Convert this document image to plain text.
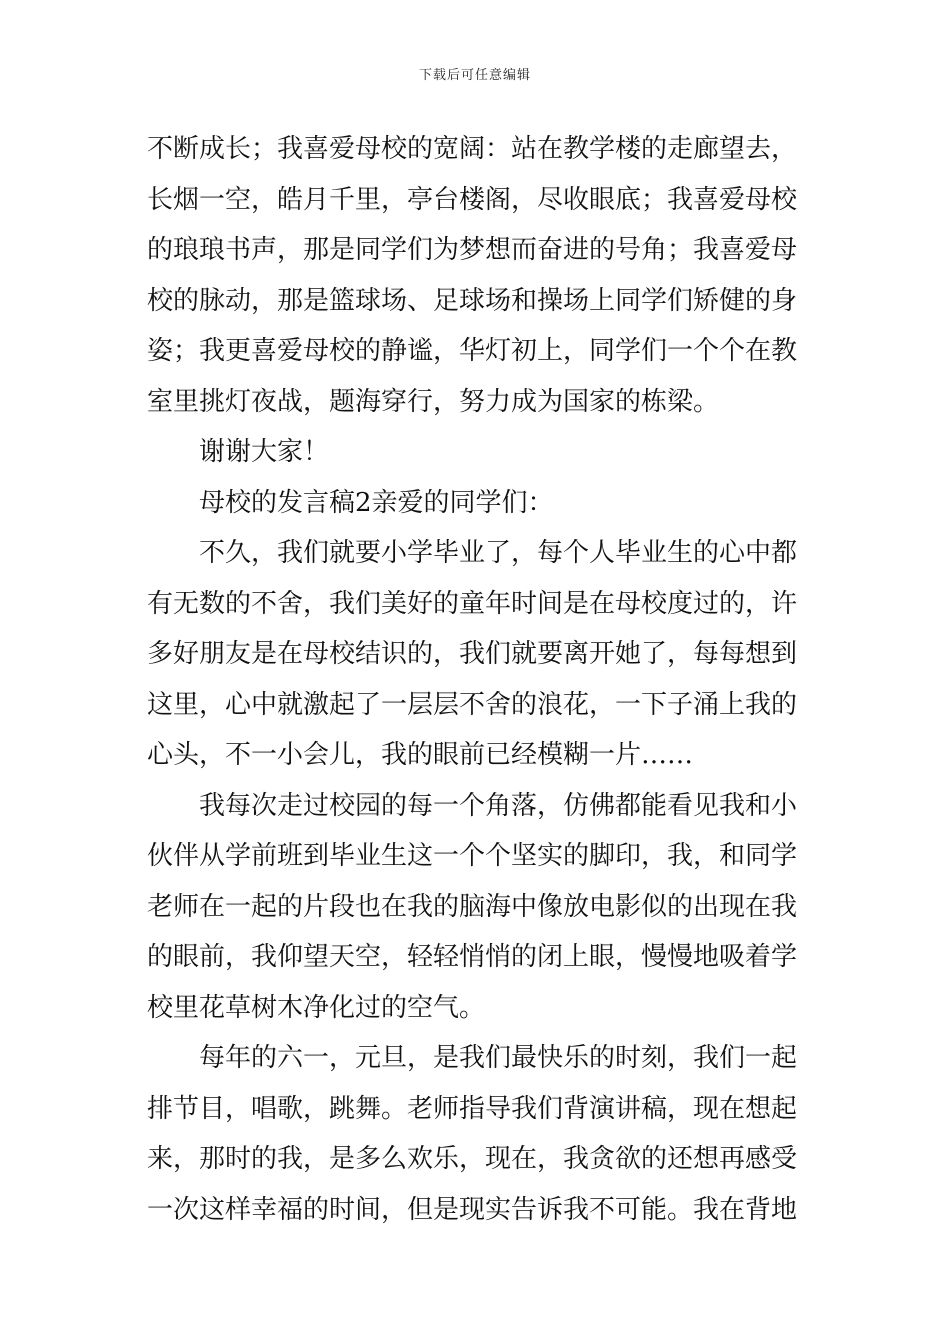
下载后可任意编辑
不断成长；我喜爱母校的宽阔：站在教学楼的走廊望去，
长烟一空，皓月千里，亭台楼阁，尽收眼底；我喜爱母校
的琅琅书声，那是同学们为梦想而奋进的号角；我喜爱母
校的脉动，那是篮球场、足球场和操场上同学们矫健的身
姿；我更喜爱母校的静谧，华灯初上，同学们一个个在教
室里挑灯夜战，题海穿行，努力成为国家的栋梁。
谢谢大家！
母校的发言稿2亲爱的同学们：
不久，我们就要小学毕业了，每个人毕业生的心中都
有无数的不舍，我们美好的童年时间是在母校度过的，许
多好朋友是在母校结识的，我们就要离开她了，每每想到
这里，心中就激起了一层层不舍的浪花，一下子涌上我的
心头，不一小会儿，我的眼前已经模糊一片……
我每次走过校园的每一个角落，仿佛都能看见我和小
伙伴从学前班到毕业生这一个个坚实的脚印，我，和同学
老师在一起的片段也在我的脑海中像放电影似的出现在我
的眼前，我仰望天空，轻轻悄悄的闭上眼，慢慢地吸着学
校里花草树木净化过的空气。
每年的六一，元旦，是我们最快乐的时刻，我们一起
排节目，唱歌，跳舞。老师指导我们背演讲稿，现在想起
来，那时的我，是多么欢乐，现在，我贪欲的还想再感受
一次这样幸福的时间，但是现实告诉我不可能。我在背地
